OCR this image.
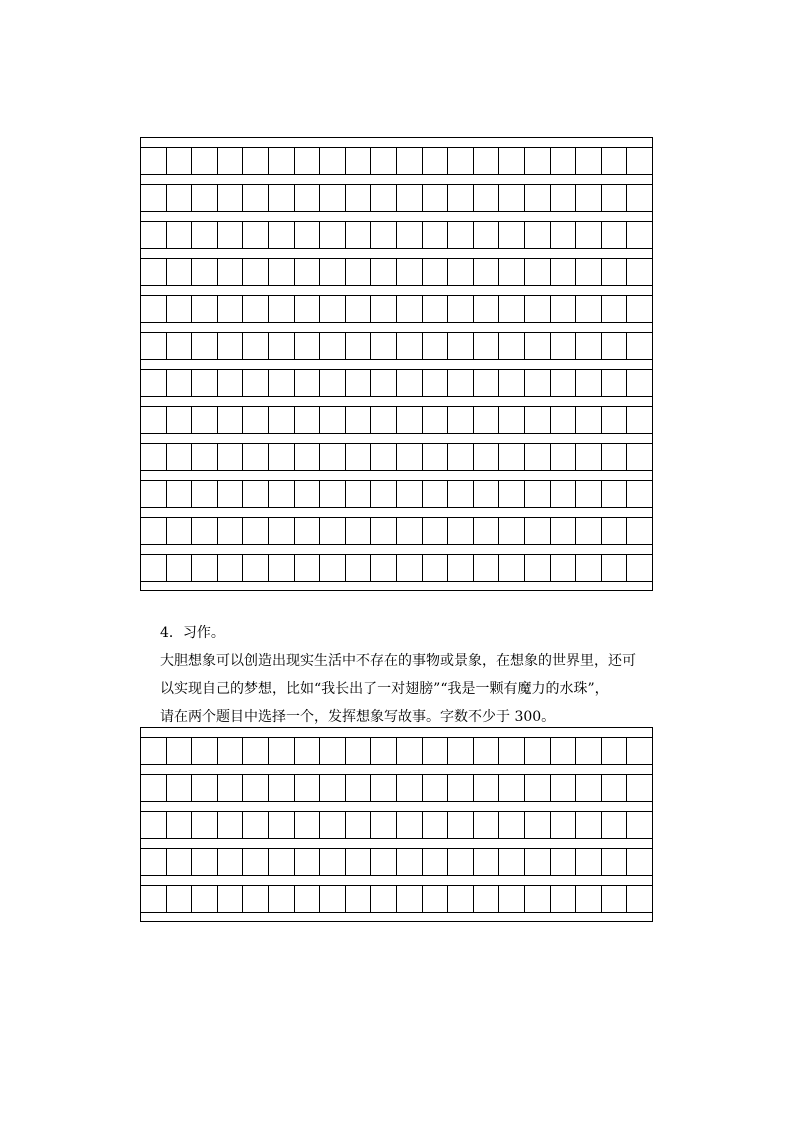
4．习作。
大胆想象可以创造出现实生活中不存在的事物或景象，在想象的世界里，还可
以实现自己的梦想，比如“我长出了一对翅膀”“我是一颗有魔力的水珠”，
请在两个题目中选择一个，发挥想象写故事。字数不少于 300。
